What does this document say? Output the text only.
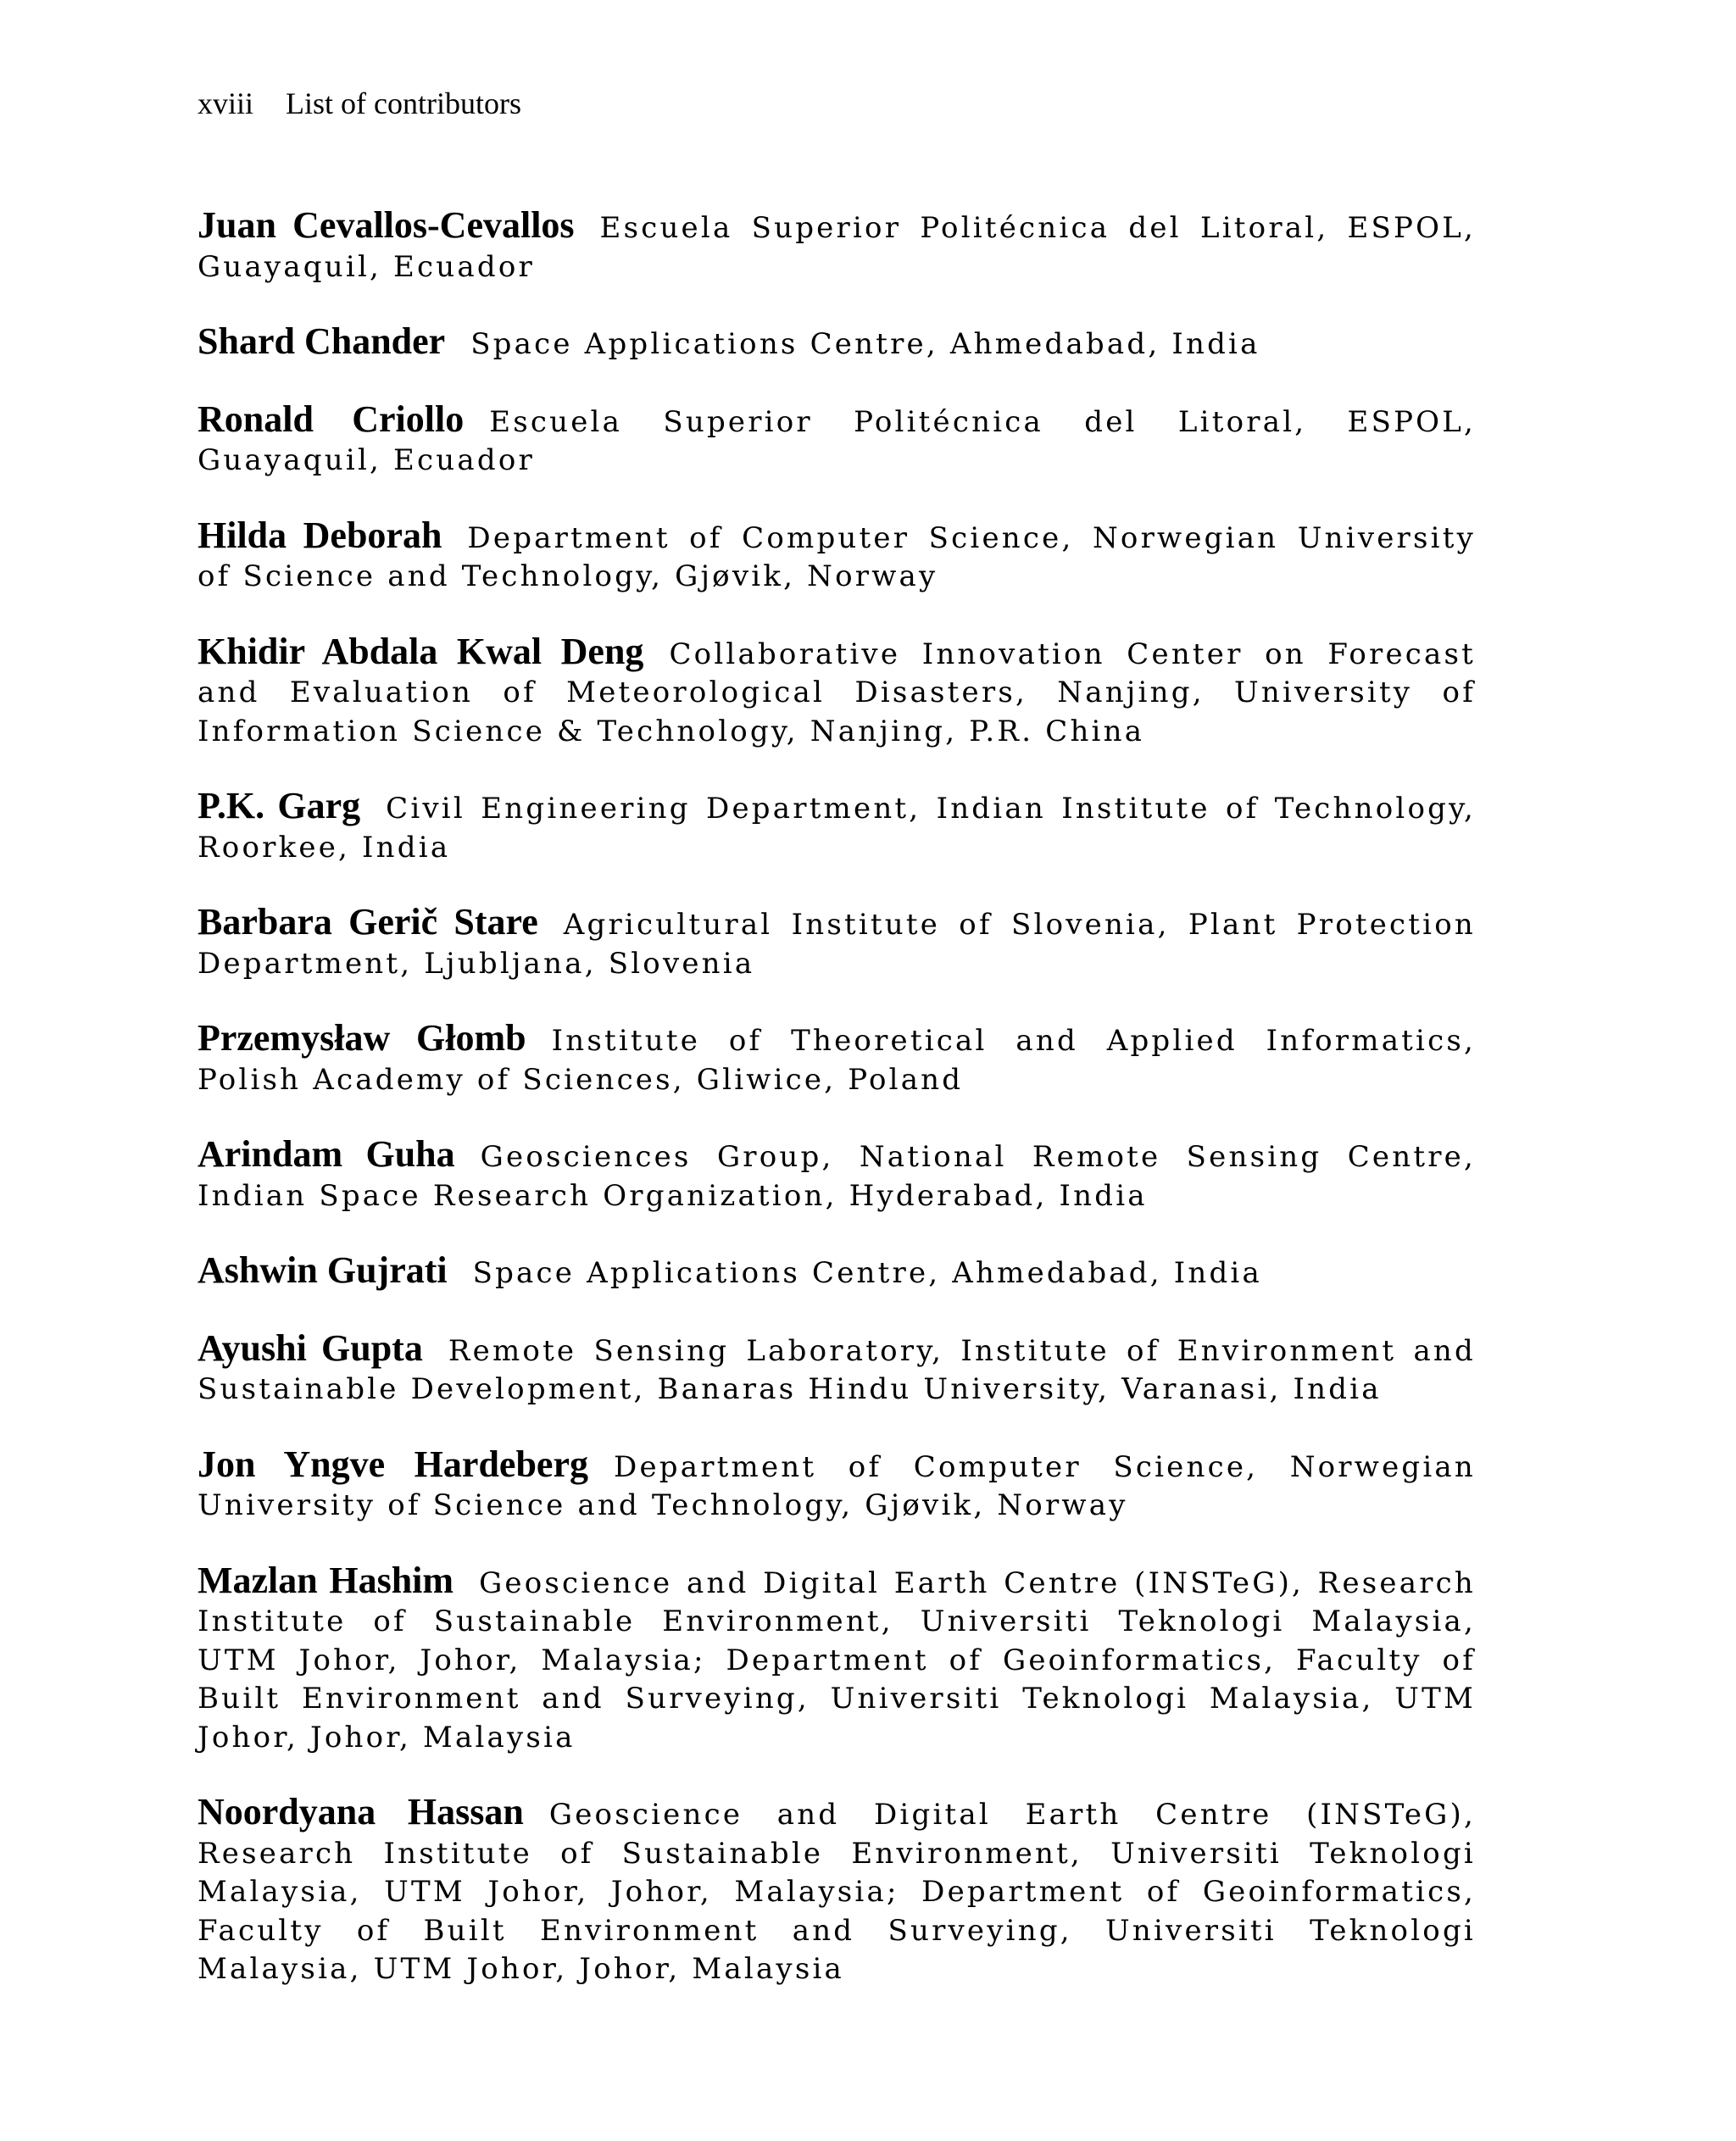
xviii List of contributors

Juan Cevallos-Cevallos Escuela Superior Politécnica del Litoral, ESPOL, Guayaquil, Ecuador

Shard Chander Space Applications Centre, Ahmedabad, India

Ronald Criollo Escuela Superior Politécnica del Litoral, ESPOL, Guayaquil, Ecuador

Hilda Deborah Department of Computer Science, Norwegian University of Science and Technology, Gjøvik, Norway

Khidir Abdala Kwal Deng Collaborative Innovation Center on Forecast and Evaluation of Meteorological Disasters, Nanjing, University of Information Science & Technology, Nanjing, P.R. China

P.K. Garg Civil Engineering Department, Indian Institute of Technology, Roorkee, India

Barbara Gerič Stare Agricultural Institute of Slovenia, Plant Protection Department, Ljubljana, Slovenia

Przemysław Głomb Institute of Theoretical and Applied Informatics, Polish Academy of Sciences, Gliwice, Poland

Arindam Guha Geosciences Group, National Remote Sensing Centre, Indian Space Research Organization, Hyderabad, India

Ashwin Gujrati Space Applications Centre, Ahmedabad, India

Ayushi Gupta Remote Sensing Laboratory, Institute of Environment and Sustainable Development, Banaras Hindu University, Varanasi, India

Jon Yngve Hardeberg Department of Computer Science, Norwegian University of Science and Technology, Gjøvik, Norway

Mazlan Hashim Geoscience and Digital Earth Centre (INSTeG), Research Institute of Sustainable Environment, Universiti Teknologi Malaysia, UTM Johor, Johor, Malaysia; Department of Geoinformatics, Faculty of Built Environment and Surveying, Universiti Teknologi Malaysia, UTM Johor, Johor, Malaysia

Noordyana Hassan Geoscience and Digital Earth Centre (INSTeG), Research Institute of Sustainable Environment, Universiti Teknologi Malaysia, UTM Johor, Johor, Malaysia; Department of Geoinformatics, Faculty of Built Environment and Surveying, Universiti Teknologi Malaysia, UTM Johor, Johor, Malaysia
